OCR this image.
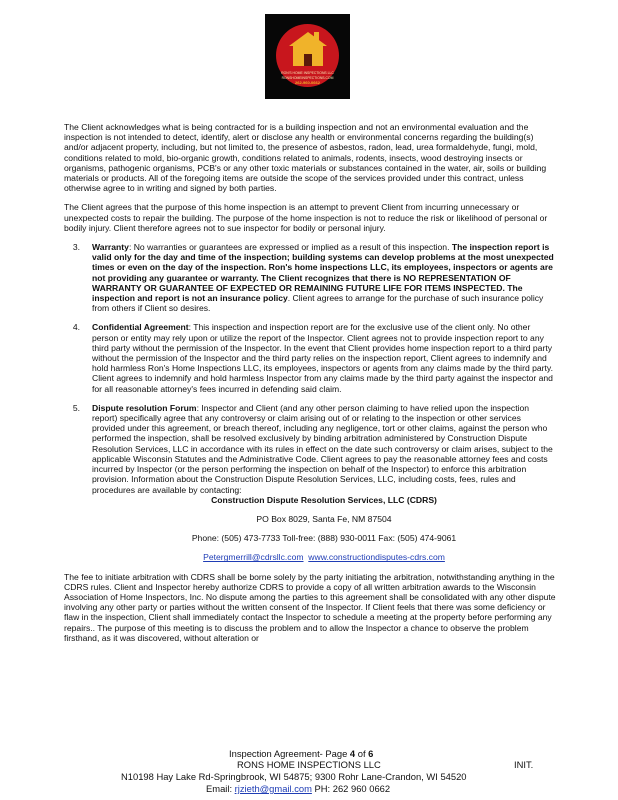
RON'S HOME INSPECTIONS LLC
RONSHOMEINSPECTIONS.COM
262-960-0662

The Client acknowledges what is being contracted for is a building inspection and not an environmental evaluation and the inspection is not intended to detect, identify, alert or disclose any health or environmental concerns regarding the building(s) and/or adjacent property, including, but not limited to, the presence of asbestos, radon, lead, urea formaldehyde, fungi, mold, conditions related to mold, bio-organic growth, conditions related to animals, rodents, insects, wood destroying insects or organisms, pathogenic organisms, PCB's or any other toxic materials or substances contained in the water, air, soils or building materials or products. All of the foregoing items are outside the scope of the services provided under this contract, unless otherwise agree to in writing and signed by both parties.

The Client agrees that the purpose of this home inspection is an attempt to prevent Client from incurring unnecessary or unexpected costs to repair the building. The purpose of the home inspection is not to reduce the risk or likelihood of personal or bodily injury. Client therefore agrees not to sue inspector for bodily or personal injury.

3. Warranty: No warranties or guarantees are expressed or implied as a result of this inspection. The inspection report is valid only for the day and time of the inspection; building systems can develop problems at the most unexpected times or even on the day of the inspection. Ron's home inspections LLC, its employees, inspectors or agents are not providing any guarantee or warranty. The Client recognizes that there is NO REPRESENTATION OF WARRANTY OR GUARANTEE OF EXPECTED OR REMAINING FUTURE LIFE FOR ITEMS INSPECTED. The inspection and report is not an insurance policy. Client agrees to arrange for the purchase of such insurance policy from others if Client so desires.
4. Confidential Agreement: This inspection and inspection report are for the exclusive use of the client only. No other person or entity may rely upon or utilize the report of the Inspector. Client agrees not to provide inspection report to any third party without the permission of the Inspector. In the event that Client provides home inspection report to a third party without the permission of the Inspector and the third party relies on the inspection report, Client agrees to indemnify and hold harmless Ron's Home Inspections LLC, its employees, inspectors or agents from any claims made by the third party. Client agrees to indemnify and hold harmless Inspector from any claims made by the third party against the inspector and for all reasonable attorney's fees incurred in defending said claim.
5. Dispute resolution Forum: Inspector and Client (and any other person claiming to have relied upon the inspection report) specifically agree that any controversy or claim arising out of or relating to the inspection or other services provided under this agreement, or breach thereof, including any negligence, tort or other claims, against the person who performed the inspection, shall be resolved exclusively by binding arbitration administered by Construction Dispute Resolution Services, LLC in accordance with its rules in effect on the date such controversy or claim arises, subject to the applicable Wisconsin Statutes and the Administrative Code. Client agrees to pay the reasonable attorney fees and costs incurred by Inspector (or the person performing the inspection on behalf of the Inspector) to enforce this arbitration provision. Information about the Construction Dispute Resolution Services, LLC, including costs, fees, rules and procedures are available by contacting:

Construction Dispute Resolution Services, LLC (CDRS)

PO Box 8029, Santa Fe, NM 87504

Phone: (505) 473-7733 Toll-free: (888) 930-0011 Fax: (505) 474-9061

Petergmerrill@cdrsllc.com www.constructiondisputes-cdrs.com

The fee to initiate arbitration with CDRS shall be borne solely by the party initiating the arbitration, notwithstanding anything in the CDRS rules. Client and Inspector hereby authorize CDRS to provide a copy of all written arbitration awards to the Wisconsin Association of Home Inspectors, Inc. No dispute among the parties to this agreement shall be consolidated with any other dispute involving any other party or parties without the written consent of the Inspector. If Client feels that there was some deficiency or flaw in the inspection, Client shall immediately contact the Inspector to schedule a meeting at the property before performing any repairs.. The purpose of this meeting is to discuss the problem and to allow the Inspector a chance to observe the problem firsthand, as it was discovered, without alteration or

Inspection Agreement- Page 4 of 6
RONS HOME INSPECTIONS LLC	INIT.
N10198 Hay Lake Rd-Springbrook, WI 54875; 9300 Rohr Lane-Crandon, WI 54520
Email: rjzieth@gmail.com PH: 262 960 0662
